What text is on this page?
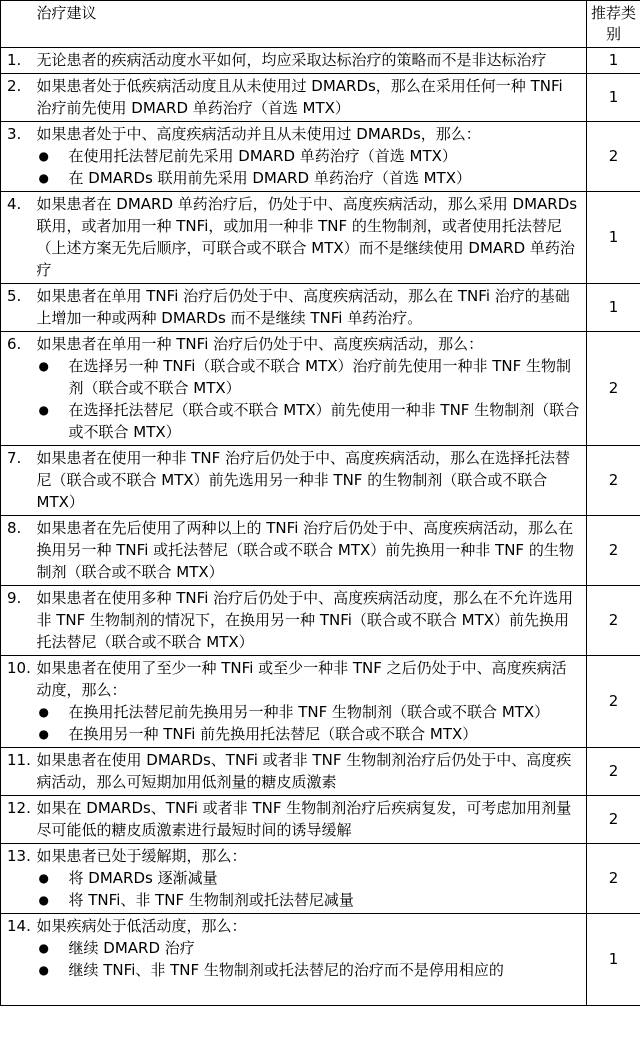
	治疗建议	推荐类别
1.	无论患者的疾病活动度水平如何，均应采取达标治疗的策略而不是非达标治疗	1
2.	如果患者处于低疾病活动度且从未使用过 DMARDs，那么在采用任何一种 TNFi 治疗前先使用 DMARD 单药治疗（首选 MTX）	1
3.	如果患者处于中、高度疾病活动并且从未使用过 DMARDs，那么：
● 在使用托法替尼前先采用 DMARD 单药治疗（首选 MTX）
● 在 DMARDs 联用前先采用 DMARD 单药治疗（首选 MTX）	2
4.	如果患者在 DMARD 单药治疗后，仍处于中、高度疾病活动，那么采用 DMARDs 联用，或者加用一种 TNFi，或加用一种非 TNF 的生物制剂，或者使用托法替尼（上述方案无先后顺序，可联合或不联合 MTX）而不是继续使用 DMARD 单药治疗	1
5.	如果患者在单用 TNFi 治疗后仍处于中、高度疾病活动，那么在 TNFi 治疗的基础上增加一种或两种 DMARDs 而不是继续 TNFi 单药治疗。	1
6.	如果患者在单用一种 TNFi 治疗后仍处于中、高度疾病活动，那么：
● 在选择另一种 TNFi（联合或不联合 MTX）治疗前先使用一种非 TNF 生物制剂（联合或不联合 MTX）
● 在选择托法替尼（联合或不联合 MTX）前先使用一种非 TNF 生物制剂（联合或不联合 MTX）	2
7.	如果患者在使用一种非 TNF 治疗后仍处于中、高度疾病活动，那么在选择托法替尼（联合或不联合 MTX）前先选用另一种非 TNF 的生物制剂（联合或不联合 MTX）	2
8.	如果患者在先后使用了两种以上的 TNFi 治疗后仍处于中、高度疾病活动，那么在换用另一种 TNFi 或托法替尼（联合或不联合 MTX）前先换用一种非 TNF 的生物制剂（联合或不联合 MTX）	2
9.	如果患者在使用多种 TNFi 治疗后仍处于中、高度疾病活动度，那么在不允许选用非 TNF 生物制剂的情况下，在换用另一种 TNFi（联合或不联合 MTX）前先换用托法替尼（联合或不联合 MTX）	2
10.	如果患者在使用了至少一种 TNFi 或至少一种非 TNF 之后仍处于中、高度疾病活动度，那么：
● 在换用托法替尼前先换用另一种非 TNF 生物制剂（联合或不联合 MTX）
● 在换用另一种 TNFi 前先换用托法替尼（联合或不联合 MTX）	2
11.	如果患者在使用 DMARDs、TNFi 或者非 TNF 生物制剂治疗后仍处于中、高度疾病活动，那么可短期加用低剂量的糖皮质激素	2
12.	如果在 DMARDs、TNFi 或者非 TNF 生物制剂治疗后疾病复发，可考虑加用剂量尽可能低的糖皮质激素进行最短时间的诱导缓解	2
13.	如果患者已处于缓解期，那么：
● 将 DMARDs 逐渐减量
● 将 TNFi、非 TNF 生物制剂或托法替尼减量	2
14.	如果疾病处于低活动度，那么：
● 继续 DMARD 治疗
● 继续 TNFi、非 TNF 生物制剂或托法替尼的治疗而不是停用相应的	1
